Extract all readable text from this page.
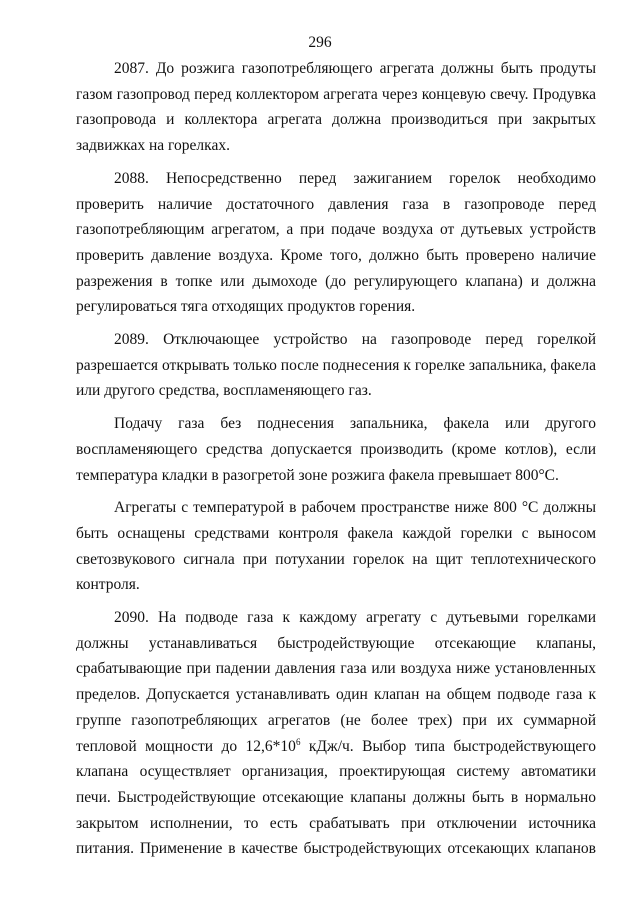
296

2087. До розжига газопотребляющего агрегата должны быть продуты газом газопровод перед коллектором агрегата через концевую свечу. Продувка газопровода и коллектора агрегата должна производиться при закрытых задвижках на горелках.

2088. Непосредственно перед зажиганием горелок необходимо проверить наличие достаточного давления газа в газопроводе перед газопотребляющим агрегатом, а при подаче воздуха от дутьевых устройств проверить давление воздуха. Кроме того, должно быть проверено наличие разрежения в топке или дымоходе (до регулирующего клапана) и должна регулироваться тяга отходящих продуктов горения.

2089. Отключающее устройство на газопроводе перед горелкой разрешается открывать только после поднесения к горелке запальника, факела или другого средства, воспламеняющего газ.

Подачу газа без поднесения запальника, факела или другого воспламеняющего средства допускается производить (кроме котлов), если температура кладки в разогретой зоне розжига факела превышает 800°С.

Агрегаты с температурой в рабочем пространстве ниже 800 °С должны быть оснащены средствами контроля факела каждой горелки с выносом светозвукового сигнала при потухании горелок на щит теплотехнического контроля.

2090. На подводе газа к каждому агрегату с дутьевыми горелками должны устанавливаться быстродействующие отсекающие клапаны, срабатывающие при падении давления газа или воздуха ниже установленных пределов. Допускается устанавливать один клапан на общем подводе газа к группе газопотребляющих агрегатов (не более трех) при их суммарной тепловой мощности до $12,6*10^6$ кДж/ч. Выбор типа быстродействующего клапана осуществляет организация, проектирующая систему автоматики печи. Быстродействующие отсекающие клапаны должны быть в нормально закрытом исполнении, то есть срабатывать при отключении источника питания. Применение в качестве быстродействующих отсекающих клапанов
